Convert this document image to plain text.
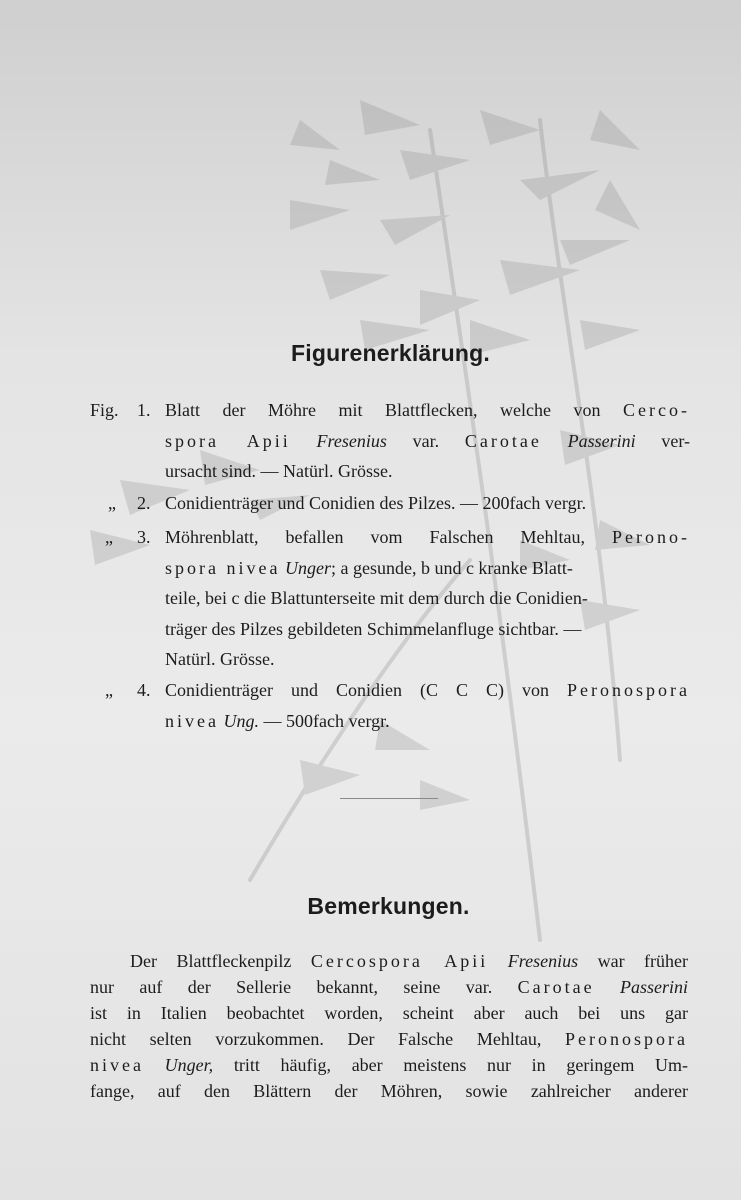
Figurenerklärung.
Fig. 1. Blatt der Möhre mit Blattflecken, welche von Cerco-
spora Apii Fresenius var. Carotae Passerini ver-
ursacht sind. — Natürl. Grösse.
„ 2. Conidienträger und Conidien des Pilzes. — 200fach vergr.
„ 3. Möhrenblatt, befallen vom Falschen Mehltau, Perono-
spora nivea Unger; a gesunde, b und c kranke Blatt-
teile, bei c die Blattunterseite mit dem durch die Conidien-
träger des Pilzes gebildeten Schimmelanfluge sichtbar. —
Natürl. Grösse.
„ 4. Conidienträger und Conidien (C C C) von Peronospora
nivea Ung. — 500fach vergr.
Bemerkungen.
Der Blattfleckenpilz Cercospora Apii Fresenius war früher
nur auf der Sellerie bekannt, seine var. Carotae Passerini
ist in Italien beobachtet worden, scheint aber auch bei uns gar
nicht selten vorzukommen. Der Falsche Mehltau, Peronospora
nivea Unger, tritt häufig, aber meistens nur in geringem Um-
fange, auf den Blättern der Möhren, sowie zahlreicher anderer
